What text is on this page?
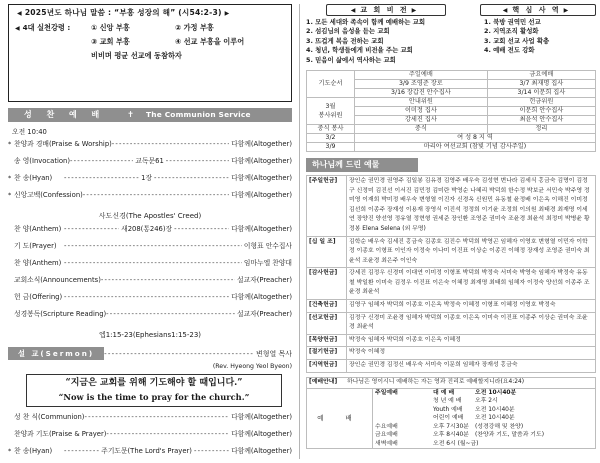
◀ 2025년도 하나님 말씀 : “부흥 성장의 해” (시54:2-3) ▶
◀ 4대 실천강령 :	① 신앙 부흥	② 가정 부흥
③ 교회 부흥	④ 선교 부흥을 이루어
비비며 평균 선교에 동참하자
성 찬 예 배	✝	The Communion Service
오전 10:40
* 찬양과 경배(Praise & Worship) - - -	다함께(Altogether)
송 영(Invocation) - - -	교독문61 - - -	다함께(Altogether)
* 찬 송(Hyan) - - -	1장 - - -	다함께(Altogether)
* 신앙고백(Confession) - - -	다함께(Altogether)
사도신경(The Apostles' Creed)
찬 양(Anthem) - - -	새208(통246)장 - - -	다함께(Altogether)
기 도(Prayer) - - -	이형표 안수집사
찬 양(Anthem) - - -	임마누엘 찬양대
교회소식(Announcements) - - -	설교자(Preacher)
헌 금(Offering) - - -	다함께(Altogether)
성경봉독(Scripture Reading) - - -	설교자(Preacher)
엡1:15-23(Ephesians1:15-23)
설 교(Sermon) - - -	변형열 목사
(Rev. Hyeong Yeol Byeon)
“지금은 교회를 위해 기도해야 할 때입니다.”
“Now is the time to pray for the church.”
성 찬 식(Communion) - - -	다함께(Altogether)
찬양과 기도(Praise & Prayer) - - -	다함께(Altogether)
* 찬 송(Hyan) - - -	주기도문(The Lord's Prayer) - - -	다함께(Altogether)
◀ 교 회 비 전 ▶
1. 모든 세대와 족속이 함께 예배하는 교회
2. 섬김님의 음성을 듣는 교회
3. 뜨겁게 복음 전하는 교회
4. 청년, 학생들에게 비전을 주는 교회
5. 믿음이 삶에서 역사하는 교회
◀ 핵 심 사 역 ▶
1. 북방 권역민 선교
2. 지역조직 활성화
3. 교회 선교 사업 확충
4. 예배 전도 강화
기도순서	주일예배	금요예배
	3/9 조영준 장로	3/7 최재명 집사
	3/16 장갑진 안수집사	3/14 이문희 집사
3월
봉사위원	안내위원	헌금위원
	이미정 집사	이문희 안수집사
	강세진 집사	최윤석 안수집사
중식 봉사	중식	정리
3/2	여 성 8 지 역	
3/9	마리아 여선교회 (참빛 기념 감사주일)	
하나님께 드린 예물
[주일헌금]	장인순 권민경 권영주 김일봉 김유경 김영주 배우숙 김성현 변나라 김세식 홍금숙 김명이 김정구 신정미 김진선 이서진 김민정 김미란 박영순 나혜리 박덕희 한수정 박보균 서민숙 박주영 정미영 이재희 박미정 배우숙 변형열 이진자 신경옥 신원민 유동철 윤정배 이은옥 이해진 이미정 김선희 이종주 장재성 이용재 장영식 이진석 정정희 이기윤 조정희 이의원 최태경 최재명 이세연 장양진 양선영 정유열 정현형 권세준 장인환 조영준 권미숙 조윤경 최윤석 최정미 박병윤 황정봉 Elena Selena (외 무명)
[십 일 조]	김학순 배우숙 김세진 홍금숙 김종호 김진수 박덕희 박영곤 임헤자 이영호 변형열 이민자 이학정 이종호 이형표 이인자 이정숙 이나미 이진표 이상순 이종진 이해정 장재성 조영준 권미숙 최윤석 조윤경 최은주 이인숙
[감사헌금]	강세진 김정우 신경미 이대연 이미정 이형표 박덕희 박정숙 서미숙 박영숙 임헤자 박정숙 유동철 박일환 이미숙 김정우 이진표 이은숙 이혜정 최재명 최태희 임헤자 이정숙 양선희 이종주 조윤경 최윤석
[건축헌금]	김영구 임헤자 박덕희 이종호 이은옥 박정숙 이혜정 이형표 이혜정 이영호 박정숙
[선교헌금]	김정구 신경미 조윤경 임헤자 박덕희 이종호 이은옥 이미숙 이진표 이종주 이상순 권미숙 조윤경 최윤석
[목양헌금]	박정숙 임헤자 박덕희 이종호 이은옥 이혜정
[절기헌금]	박정숙 이혜정
[지역헌금]	장인순 권민경 김정신 배우숙 서미숙 이문희 임헤자 장재성 홍금숙
[예배안내]	하나님은 영이시니 예배하는 자는 영과 진리로 예배할지니라(요4:24)
예 배
주일예배	대 예 배	오전 10시40분
청 년 예 배	오후 2시
Youth 예배	오전 10시40분
어린이 예배	오전 10시40분
수요예배	오후 7시30분	(성경강해 및 찬양)
금요예배	오후 8시40분	(찬양과 기도, 말씀과 기도)
새벽예배	오전 6시 (월~금)
